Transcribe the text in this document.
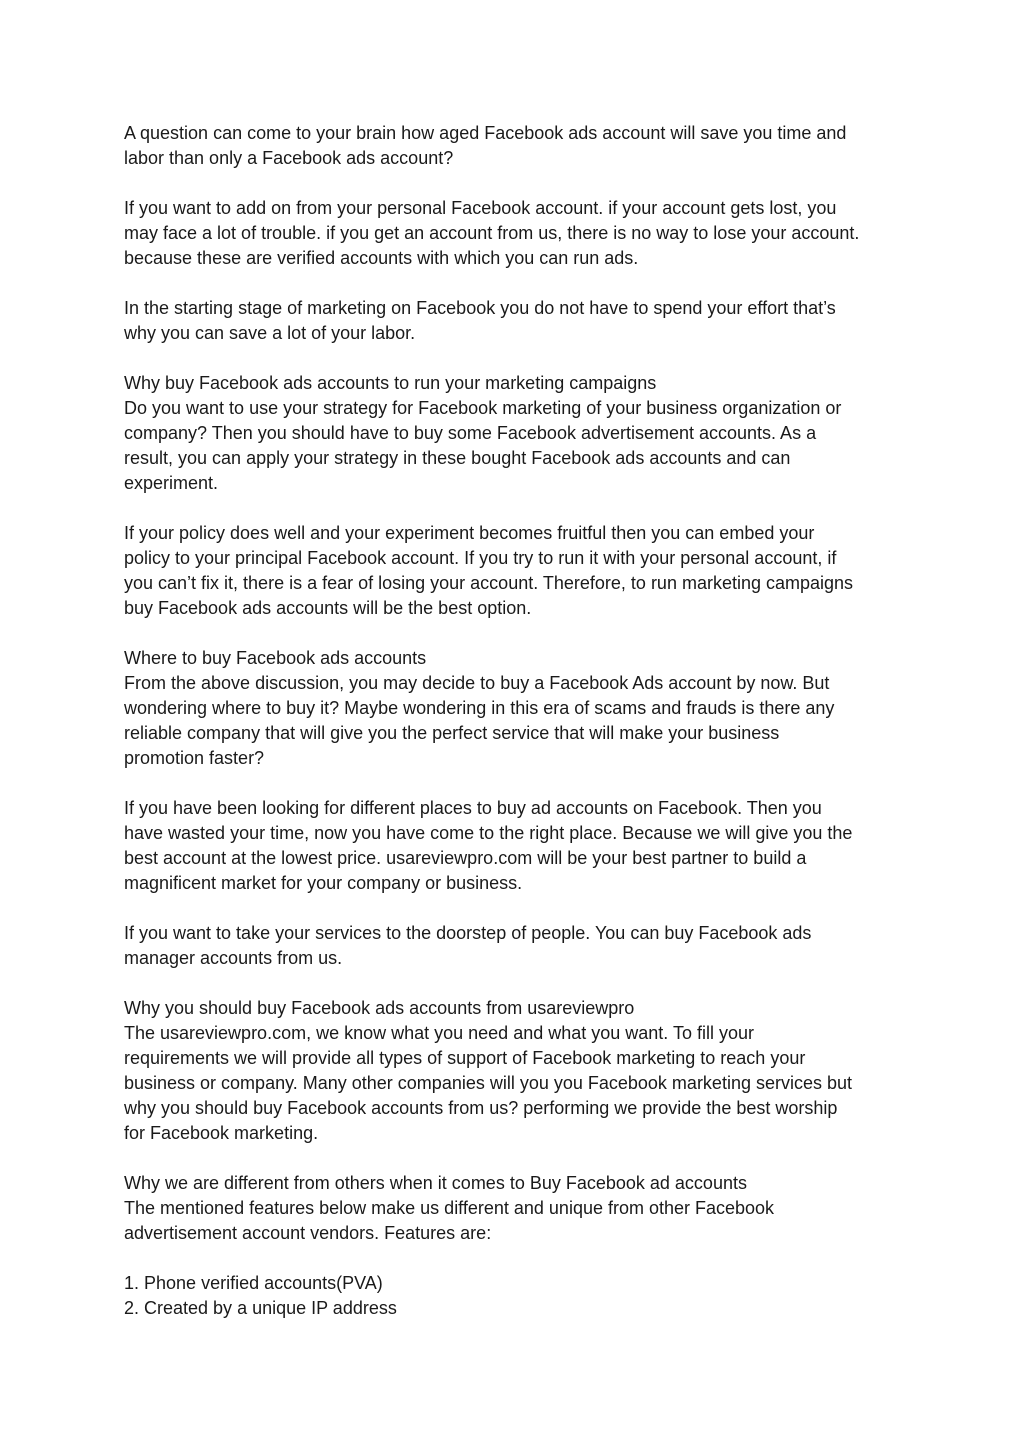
A question can come to your brain how aged Facebook ads account will save you time and
labor than only a Facebook ads account?
If you want to add on from your personal Facebook account. if your account gets lost, you
may face a lot of trouble. if you get an account from us, there is no way to lose your account.
because these are verified accounts with which you can run ads.
In the starting stage of marketing on Facebook you do not have to spend your effort that’s
why you can save a lot of your labor.
Why buy Facebook ads accounts to run your marketing campaigns
Do you want to use your strategy for Facebook marketing of your business organization or
company? Then you should have to buy some Facebook advertisement accounts. As a
result, you can apply your strategy in these bought Facebook ads accounts and can
experiment.
If your policy does well and your experiment becomes fruitful then you can embed your
policy to your principal Facebook account. If you try to run it with your personal account, if
you can’t fix it, there is a fear of losing your account. Therefore, to run marketing campaigns
buy Facebook ads accounts will be the best option.
Where to buy Facebook ads accounts
From the above discussion, you may decide to buy a Facebook Ads account by now. But
wondering where to buy it? Maybe wondering in this era of scams and frauds is there any
reliable company that will give you the perfect service that will make your business
promotion faster?
If you have been looking for different places to buy ad accounts on Facebook. Then you
have wasted your time, now you have come to the right place. Because we will give you the
best account at the lowest price. usareviewpro.com will be your best partner to build a
magnificent market for your company or business.
If you want to take your services to the doorstep of people. You can buy Facebook ads
manager accounts from us.
Why you should buy Facebook ads accounts from usareviewpro
The usareviewpro.com, we know what you need and what you want. To fill your
requirements we will provide all types of support of Facebook marketing to reach your
business or company. Many other companies will you you Facebook marketing services but
why you should buy Facebook accounts from us? performing we provide the best worship
for Facebook marketing.
Why we are different from others when it comes to Buy Facebook ad accounts
The mentioned features below make us different and unique from other Facebook
advertisement account vendors. Features are:
1. Phone verified accounts(PVA)
2. Created by a unique IP address
